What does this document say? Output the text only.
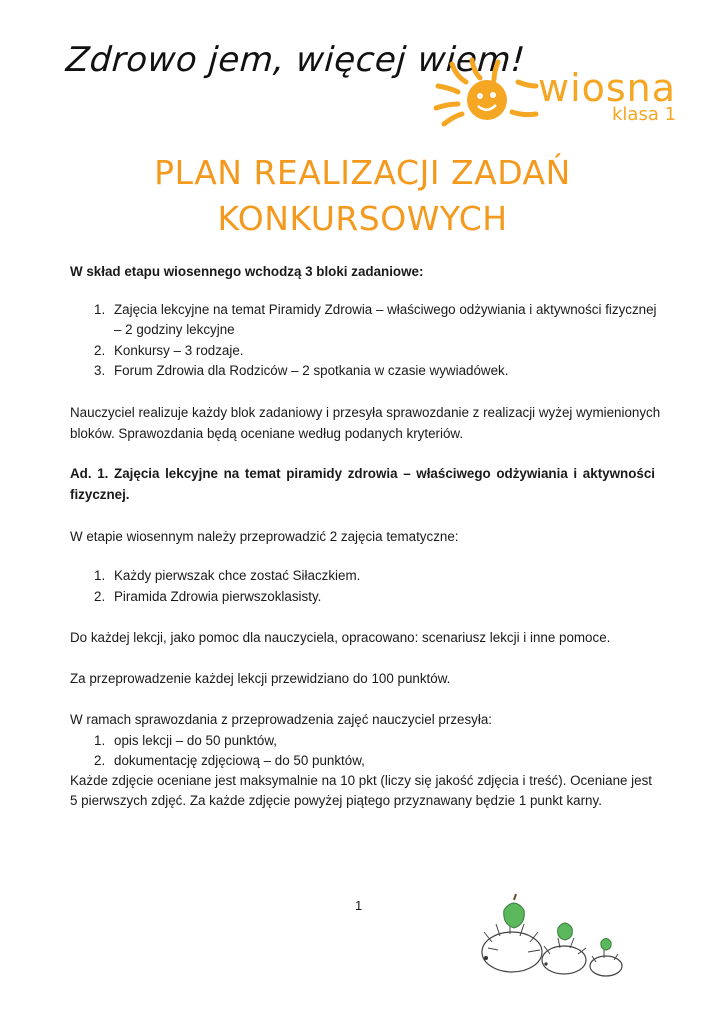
Zdrowo jem, więcej wiem!
wiosna
klasa 1
PLAN REALIZACJI ZADAŃ
KONKURSOWYCH
W skład etapu wiosennego wchodzą 3 bloki zadaniowe:
1. Zajęcia lekcyjne na temat Piramidy Zdrowia – właściwego odżywiania i aktywności fizycznej
– 2 godziny lekcyjne
2. Konkursy – 3 rodzaje.
3. Forum Zdrowia dla Rodziców – 2 spotkania w czasie wywiadówek.
Nauczyciel realizuje każdy blok zadaniowy i przesyła sprawozdanie z realizacji wyżej wymienionych
bloków. Sprawozdania będą oceniane według podanych kryteriów.
Ad. 1. Zajęcia lekcyjne na temat piramidy zdrowia – właściwego odżywiania i aktywności
fizycznej.
W etapie wiosennym należy przeprowadzić 2 zajęcia tematyczne:
1. Każdy pierwszak chce zostać Siłaczkiem.
2. Piramida Zdrowia pierwszoklasisty.
Do każdej lekcji, jako pomoc dla nauczyciela, opracowano: scenariusz lekcji i inne pomoce.
Za przeprowadzenie każdej lekcji przewidziano do 100 punktów.
W ramach sprawozdania z przeprowadzenia zajęć nauczyciel przesyła:
1. opis lekcji – do 50 punktów,
2. dokumentację zdjęciową – do 50 punktów,
Każde zdjęcie oceniane jest maksymalnie na 10 pkt (liczy się jakość zdjęcia i treść). Oceniane jest
5 pierwszych zdjęć. Za każde zdjęcie powyżej piątego przyznawany będzie 1 punkt karny.
1
